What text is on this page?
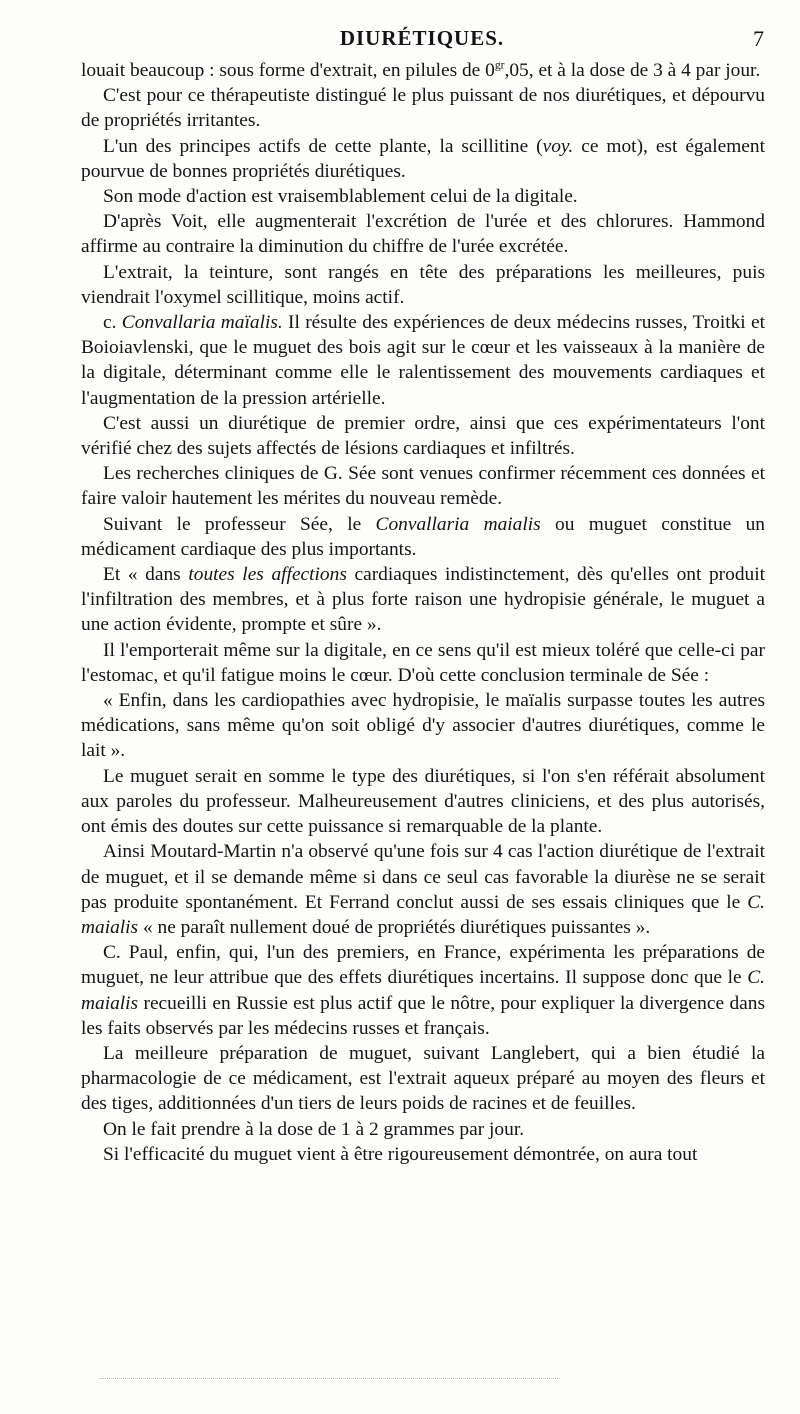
DIURÉTIQUES.	7

louait beaucoup : sous forme d'extrait, en pilules de $0^{gr},05$, et à la dose de 3 à 4 par jour.

C'est pour ce thérapeutiste distingué le plus puissant de nos diurétiques, et dépourvu de propriétés irritantes.

L'un des principes actifs de cette plante, la scillitine (voy. ce mot), est également pourvue de bonnes propriétés diurétiques.

Son mode d'action est vraisemblablement celui de la digitale.

D'après Voit, elle augmenterait l'excrétion de l'urée et des chlorures. Hammond affirme au contraire la diminution du chiffre de l'urée excrétée.

L'extrait, la teinture, sont rangés en tête des préparations les meilleures, puis viendrait l'oxymel scillitique, moins actif.

c. Convallaria maïalis. Il résulte des expériences de deux médecins russes, Troitki et Boioiavlenski, que le muguet des bois agit sur le cœur et les vaisseaux à la manière de la digitale, déterminant comme elle le ralentissement des mouvements cardiaques et l'augmentation de la pression artérielle.

C'est aussi un diurétique de premier ordre, ainsi que ces expérimentateurs l'ont vérifié chez des sujets affectés de lésions cardiaques et infiltrés.

Les recherches cliniques de G. Sée sont venues confirmer récemment ces données et faire valoir hautement les mérites du nouveau remède.

Suivant le professeur Sée, le Convallaria maialis ou muguet constitue un médicament cardiaque des plus importants.

Et « dans toutes les affections cardiaques indistinctement, dès qu'elles ont produit l'infiltration des membres, et à plus forte raison une hydropisie générale, le muguet a une action évidente, prompte et sûre ».

Il l'emporterait même sur la digitale, en ce sens qu'il est mieux toléré que celle-ci par l'estomac, et qu'il fatigue moins le cœur. D'où cette conclusion terminale de Sée :

« Enfin, dans les cardiopathies avec hydropisie, le maïalis surpasse toutes les autres médications, sans même qu'on soit obligé d'y associer d'autres diurétiques, comme le lait ».

Le muguet serait en somme le type des diurétiques, si l'on s'en référait absolument aux paroles du professeur. Malheureusement d'autres cliniciens, et des plus autorisés, ont émis des doutes sur cette puissance si remarquable de la plante.

Ainsi Moutard-Martin n'a observé qu'une fois sur 4 cas l'action diurétique de l'extrait de muguet, et il se demande même si dans ce seul cas favorable la diurèse ne se serait pas produite spontanément. Et Ferrand conclut aussi de ses essais cliniques que le C. maialis « ne paraît nullement doué de propriétés diurétiques puissantes ».

C. Paul, enfin, qui, l'un des premiers, en France, expérimenta les préparations de muguet, ne leur attribue que des effets diurétiques incertains. Il suppose donc que le C. maialis recueilli en Russie est plus actif que le nôtre, pour expliquer la divergence dans les faits observés par les médecins russes et français.

La meilleure préparation de muguet, suivant Langlebert, qui a bien étudié la pharmacologie de ce médicament, est l'extrait aqueux préparé au moyen des fleurs et des tiges, additionnées d'un tiers de leurs poids de racines et de feuilles.

On le fait prendre à la dose de 1 à 2 grammes par jour.

Si l'efficacité du muguet vient à être rigoureusement démontrée, on aura tout
